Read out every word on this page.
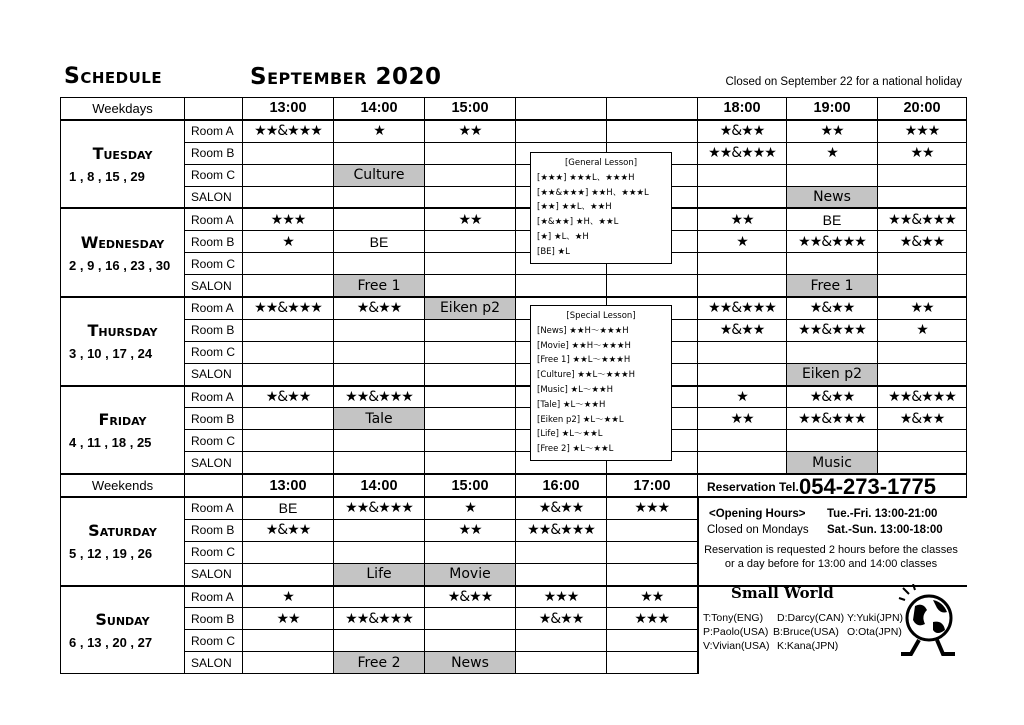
Schedule	September 2020	Closed on September 22 for a national holiday
Weekdays		13:00	14:00	15:00			18:00	19:00	20:00

Tuesday
1 , 8 , 15 , 29	Room A	★★&★★★	★	★★			★&★★	★★	★★★
	Room B						★★&★★★	★	★★
	Room C		Culture						
	SALON							News	

Wednesday
2 , 9 , 16 , 23 , 30	Room A	★★★		★★			★★	BE	★★&★★★
	Room B	★	BE				★	★★&★★★	★&★★
	Room C								
	SALON		Free 1					Free 1	

Thursday
3 , 10 , 17 , 24	Room A	★★&★★★	★&★★	Eiken p2			★★&★★★	★&★★	★★
	Room B						★&★★	★★&★★★	★
	Room C								
	SALON							Eiken p2	

Friday
4 , 11 , 18 , 25	Room A	★&★★	★★&★★★				★	★&★★	★★&★★★
	Room B		Tale				★★	★★&★★★	★&★★
	Room C								
	SALON							Music	
Weekends		13:00	14:00	15:00	16:00	17:00			

Saturday
5 , 12 , 19 , 26	Room A	BE	★★&★★★	★	★&★★	★★★			
	Room B	★&★★		★★	★★&★★★				
	Room C								
	SALON		Life	Movie					

Sunday
6 , 13 , 20 , 27	Room A	★		★&★★	★★★	★★			
	Room B	★★	★★&★★★		★&★★	★★★			
	Room C								
	SALON		Free 2	News					
[General Lesson]
[★★★] ★★★L、★★★H
[★★&★★★] ★★H、★★★L
[★★] ★★L、★★H
[★&★★] ★H、★★L
[★] ★L、★H
[BE] ★L
[Special Lesson]
[News] ★★H～★★★H
[Movie] ★★H～★★★H
[Free 1] ★★L～★★★H
[Culture] ★★L～★★★H
[Music] ★L～★★H
[Tale] ★L～★★H
[Eiken p2] ★L～★★L
[Life] ★L～★★L
[Free 2] ★L～★★L
Reservation Tel. 054-273-1775
<Opening Hours> Tue.-Fri. 13:00-21:00
Closed on Mondays Sat.-Sun. 13:00-18:00
Reservation is requested 2 hours before the classes
or a day before for 13:00 and 14:00 classes
Small World
T:Tony(ENG) D:Darcy(CAN) Y:Yuki(JPN)
P:Paolo(USA) B:Bruce(USA) O:Ota(JPN)
V:Vivian(USA) K:Kana(JPN)
